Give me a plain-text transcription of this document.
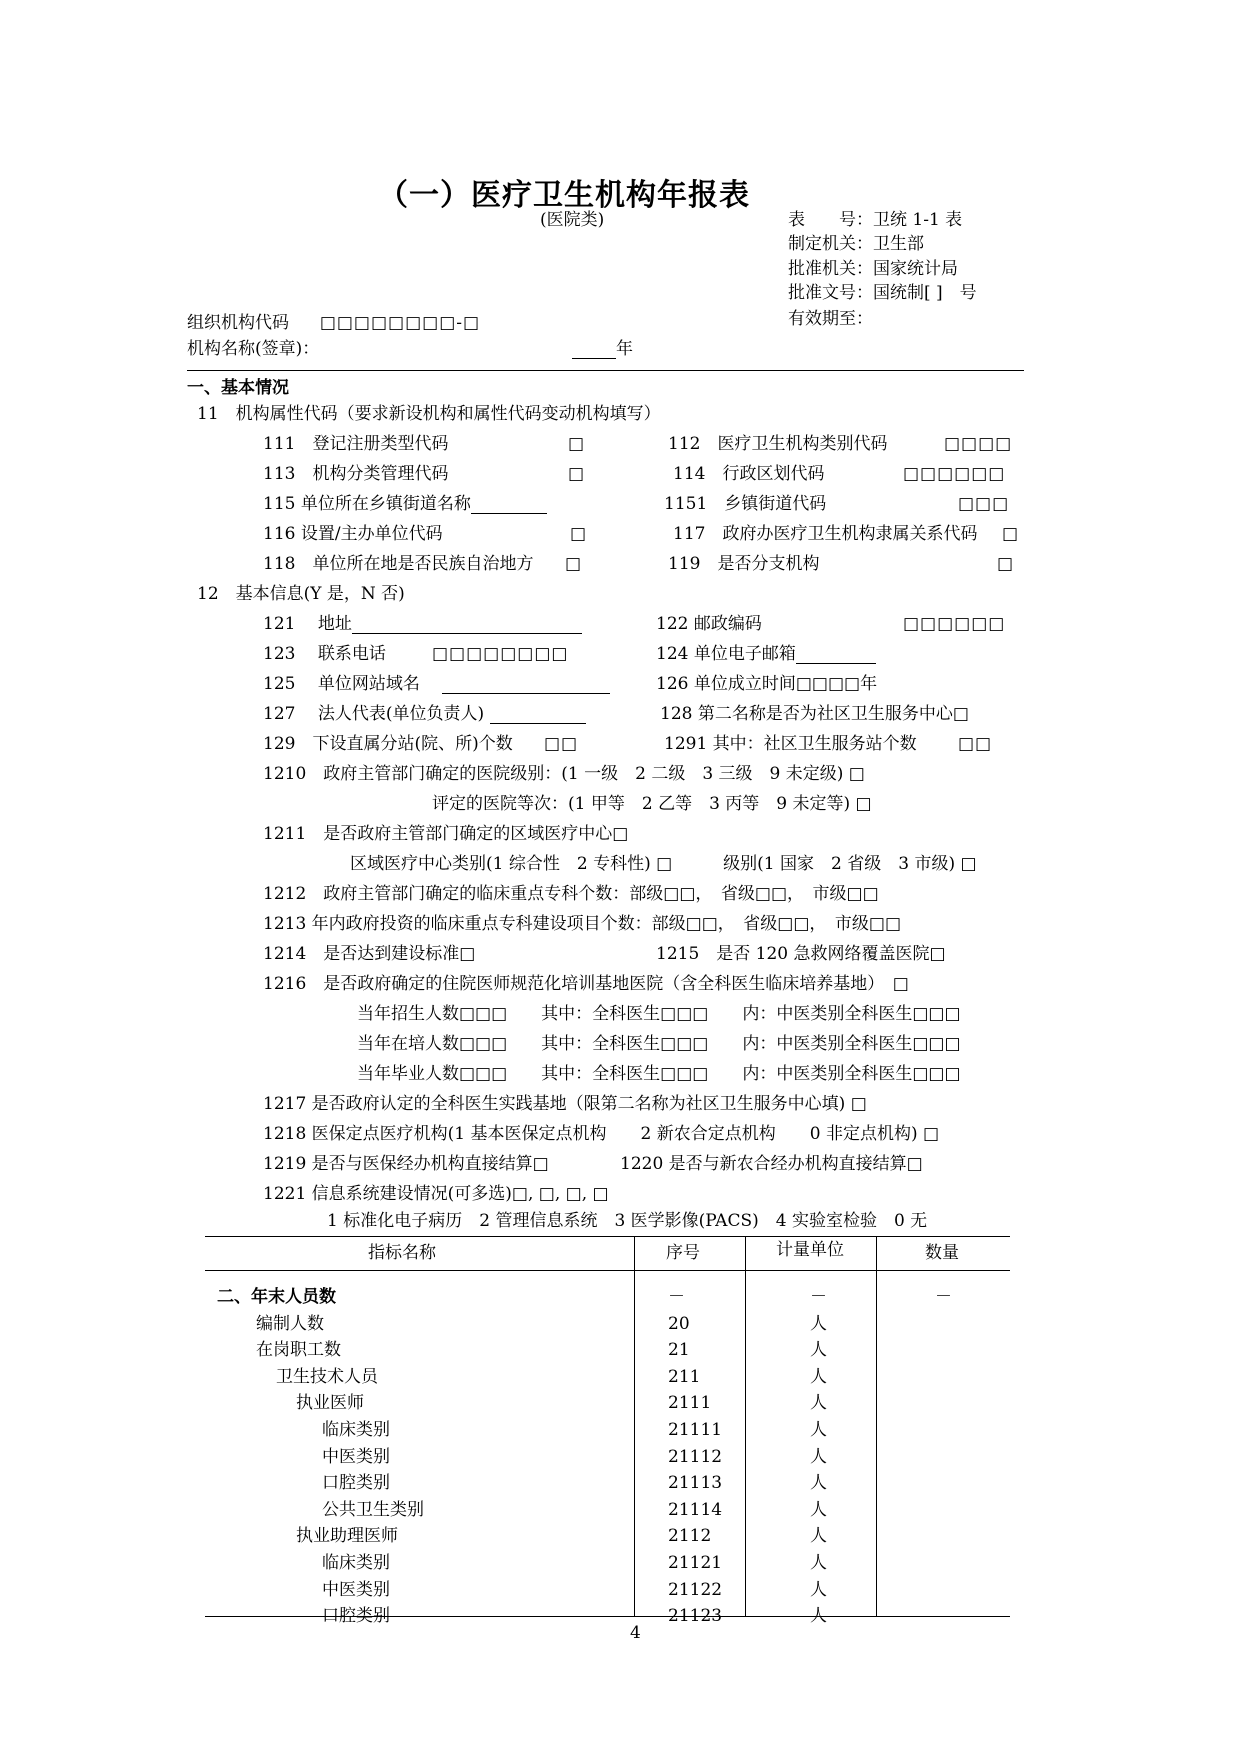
（一）医疗卫生机构年报表
(医院类)	表　　号：卫统 1-1 表
制定机关：卫生部
批准机关：国家统计局
批准文号：国统制[ ]　号
有效期至：
组织机构代码 □□□□□□□□-□
机构名称(签章)：	年
一、基本情况
11　机构属性代码（要求新设机构和属性代码变动机构填写）
111　 登记注册类型代码	□	112　 医疗卫生机构类别代码	□□□□
113　 机构分类管理代码	□	114　 行政区划代码	□□□□□□
115 单位所在乡镇街道名称	1151　 乡镇街道代码	□□□
116 设置/主办单位代码	□	117　 政府办医疗卫生机构隶属关系代码 □
118　 单位所在地是否民族自治地方 □	119　 是否分支机构	□
12　基本信息(Y 是，N 否)
121　 地址	122 邮政编码	□□□□□□
123　 联系电话	□□□□□□□□	124 单位电子邮箱
125　 单位网站域名　	126 单位成立时间□□□□年
127　 法人代表(单位负责人)	128 第二名称是否为社区卫生服务中心□
129　 下设直属分站(院、所)个数 □□	1291 其中：社区卫生服务站个数 □□
1210　政府主管部门确定的医院级别：(1 一级　2 二级　3 三级　9 未定级) □
评定的医院等次：(1 甲等　2 乙等　3 丙等　9 未定等) □
1211　是否政府主管部门确定的区域医疗中心□
区域医疗中心类别(1 综合性　2 专科性) □　　　级别(1 国家　2 省级　3 市级) □
1212　政府主管部门确定的临床重点专科个数：部级□□，　省级□□，　市级□□
1213 年内政府投资的临床重点专科建设项目个数：部级□□，　省级□□，　市级□□
1214　是否达到建设标准□	1215　是否 120 急救网络覆盖医院□
1216　是否政府确定的住院医师规范化培训基地医院（含全科医生临床培养基地）　□
当年招生人数□□□　　其中：全科医生□□□　　内：中医类别全科医生□□□
当年在培人数□□□　　其中：全科医生□□□　　内：中医类别全科医生□□□
当年毕业人数□□□　　其中：全科医生□□□　　内：中医类别全科医生□□□
1217 是否政府认定的全科医生实践基地（限第二名称为社区卫生服务中心填) □
1218 医保定点医疗机构(1 基本医保定点机构　　2 新农合定点机构　　0 非定点机构) □
1219 是否与医保经办机构直接结算□	1220 是否与新农合经办机构直接结算□
1221 信息系统建设情况(可多选)□, □, □, □
1 标准化电子病历　2 管理信息系统　3 医学影像(PACS)　4 实验室检验　0 无
指标名称	序号	计量单位	数量
二、年末人员数	－	－	－
编制人数	20	人
在岗职工数	21	人
卫生技术人员	211	人
执业医师	2111	人
临床类别	21111	人
中医类别	21112	人
口腔类别	21113	人
公共卫生类别	21114	人
执业助理医师	2112	人
临床类别	21121	人
中医类别	21122	人
口腔类别	21123	人
4
